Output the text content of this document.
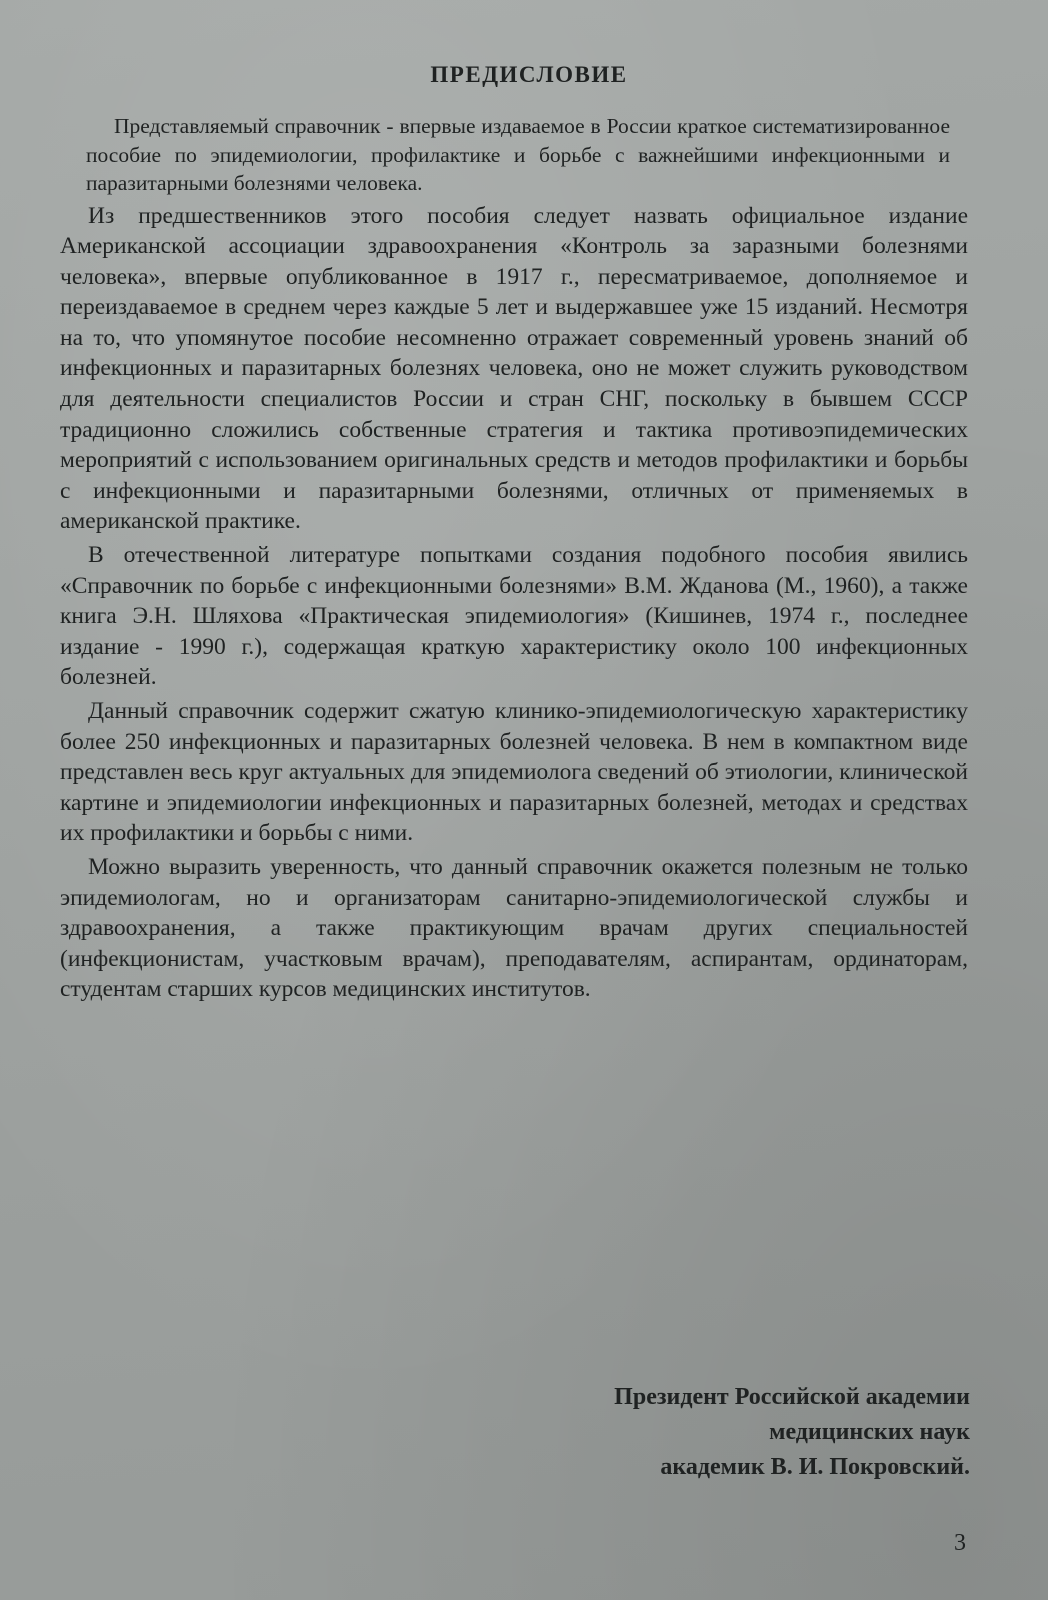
ПРЕДИСЛОВИЕ

Представляемый справочник - впервые издаваемое в России краткое систематизированное пособие по эпидемиологии, профилактике и борьбе с важнейшими инфекционными и паразитарными болезнями человека.

Из предшественников этого пособия следует назвать официальное издание Американской ассоциации здравоохранения «Контроль за заразными болезнями человека», впервые опубликованное в 1917 г., пересматриваемое, дополняемое и переиздаваемое в среднем через каждые 5 лет и выдержавшее уже 15 изданий. Несмотря на то, что упомянутое пособие несомненно отражает современный уровень знаний об инфекционных и паразитарных болезнях человека, оно не может служить руководством для деятельности специалистов России и стран СНГ, поскольку в бывшем СССР традиционно сложились собственные стратегия и тактика противоэпидемических мероприятий с использованием оригинальных средств и методов профилактики и борьбы с инфекционными и паразитарными болезнями, отличных от применяемых в американской практике.

В отечественной литературе попытками создания подобного пособия явились «Справочник по борьбе с инфекционными болезнями» В.М. Жданова (М., 1960), а также книга Э.Н. Шляхова «Практическая эпидемиология» (Кишинев, 1974 г., последнее издание - 1990 г.), содержащая краткую характеристику около 100 инфекционных болезней.

Данный справочник содержит сжатую клинико-эпидемиологическую характеристику более 250 инфекционных и паразитарных болезней человека. В нем в компактном виде представлен весь круг актуальных для эпидемиолога сведений об этиологии, клинической картине и эпидемиологии инфекционных и паразитарных болезней, методах и средствах их профилактики и борьбы с ними.

Можно выразить уверенность, что данный справочник окажется полезным не только эпидемиологам, но и организаторам санитарно-эпидемиологической службы и здравоохранения, а также практикующим врачам других специальностей (инфекционистам, участковым врачам), преподавателям, аспирантам, ординаторам, студентам старших курсов медицинских институтов.

Президент Российской академии
медицинских наук
академик В. И. Покровский.
3
